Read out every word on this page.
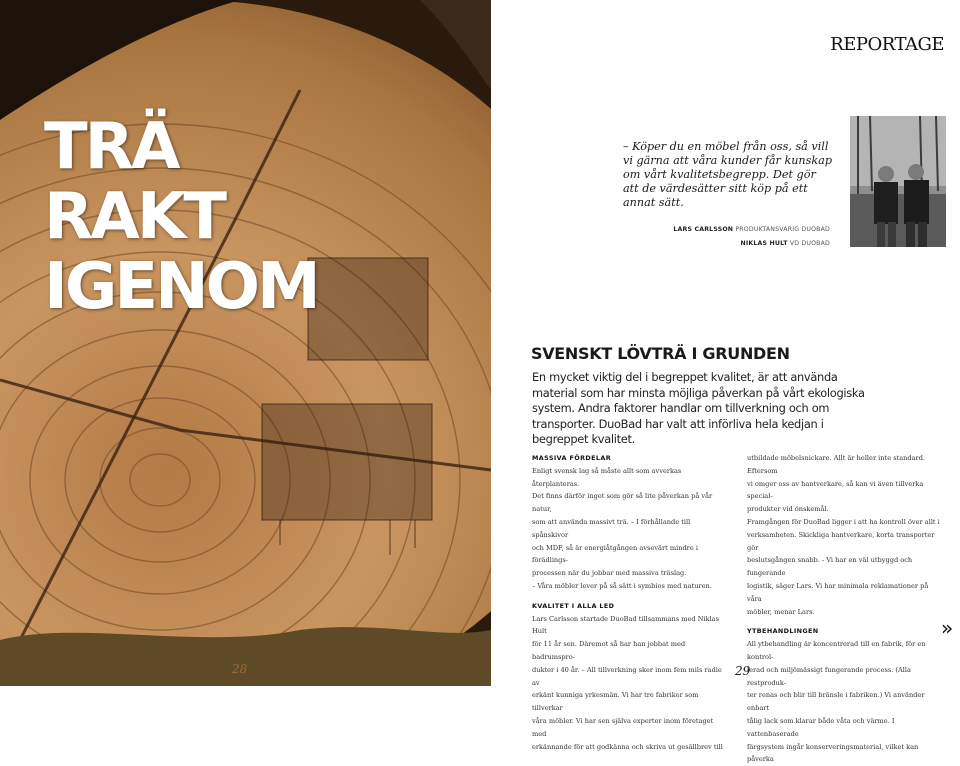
TRÄ
RAKT
IGENOM
28
REPORTAGE
– Köper du en möbel från oss, så vill vi gärna att våra kunder får kunskap om vårt kvalitetsbegrepp. Det gör att de värdesätter sitt köp på ett annat sätt.
LARS CARLSSON PRODUKTANSVARIG DUOBAD
NIKLAS HULT VD DUOBAD
SVENSKT LÖVTRÄ I GRUNDEN
En mycket viktig del i begreppet kvalitet, är att använda material som har minsta möjliga påverkan på vårt ekologiska system. Andra faktorer handlar om tillverkning och om transporter. DuoBad har valt att införliva hela kedjan i begreppet kvalitet.
MASSIVA FÖRDELAR

Enligt svensk lag så måste allt som avverkas återplanteras.

Det finns därför inget som gör så lite påverkan på vår natur,

som att använda massivt trä. – I förhållande till spånskivor

och MDF, så är energiåtgången avsevärt mindre i förädlings-

processen när du jobbar med massiva träslag.

– Våra möbler lever på så sätt i symbios med naturen.

KVALITET I ALLA LED

Lars Carlsson startade DuoBad tillsammans med Niklas Hult

för 11 år sen. Däremot så har han jobbat med badrumspro-

dukter i 40 år. – All tillverkning sker inom fem mils radie av

erkänt kunniga yrkesmän. Vi har tre fabriker som tillverkar

våra möbler. Vi har sen själva experter inom företaget med

erkännande för att godkänna och skriva ut gesällbrev till

utbildade möbelsnickare. Allt är heller inte standard. Eftersom

vi omger oss av hantverkare, så kan vi även tillverka special-

produkter vid önskemål.

Framgången för DuoBad ligger i att ha kontroll över allt i

verksamheten. Skickliga hantverkare, korta transporter gör

beslutsgången snabb. - Vi har en väl utbyggd och fungerande

logistik, säger Lars. Vi har minimala reklamationer på våra

möbler, menar Lars.

YTBEHANDLINGEN

All ytbehandling är koncentrerad till en fabrik, för en kontrol-

lerad och miljömässigt fungerande process. (Alla restproduk-

ter renas och blir till bränsle i fabriken.) Vi använder enbart

tålig lack som klarar både våta och värme. I vattenbaserade

färgsystem ingår konserveringsmaterial, vilket kan påverka

»
29
